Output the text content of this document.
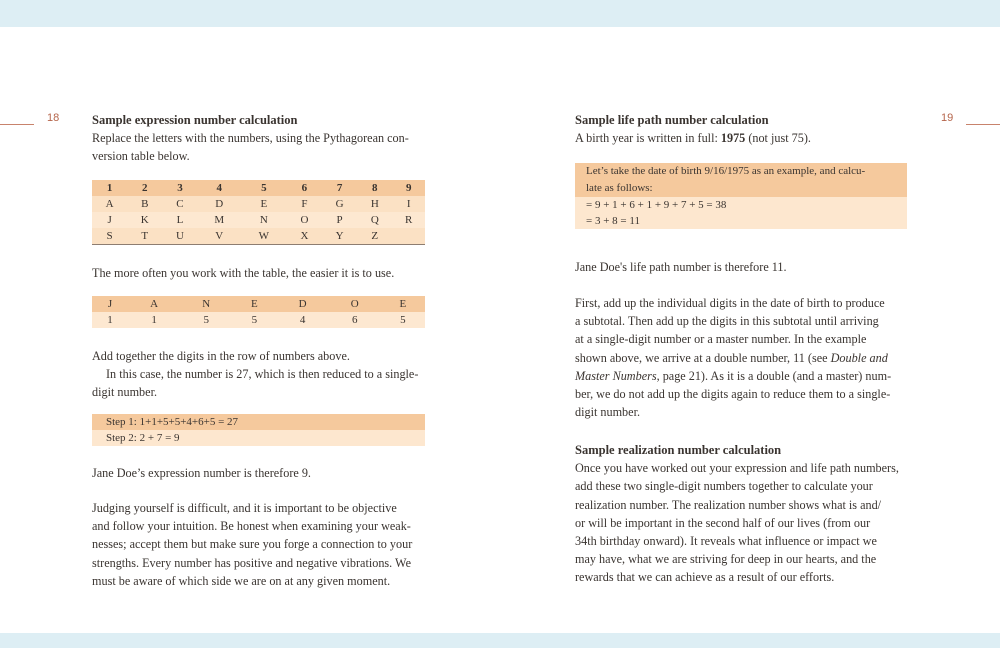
18	19

Sample expression number calculation

Replace the letters with the numbers, using the Pythagorean con-

version table below.

1	2	3	4	5	6	7	8	9
A	B	C	D	E	F	G	H	I
J	K	L	M	N	O	P	Q	R
S	T	U	V	W	X	Y	Z	

The more often you work with the table, the easier it is to use.

J	A	N	E	D	O	E		
1	1	5	5	4	6	5		

Add together the digits in the row of numbers above.

In this case, the number is 27, which is then reduced to a single-

digit number.

Step 1: 1+1+5+5+4+6+5 = 27
Step 2: 2 + 7 = 9

Jane Doe’s expression number is therefore 9.

Judging yourself is difficult, and it is important to be objective

and follow your intuition. Be honest when examining your weak-

nesses; accept them but make sure you forge a connection to your

strengths. Every number has positive and negative vibrations. We

must be aware of which side we are on at any given moment.

Sample life path number calculation

A birth year is written in full: 1975 (not just 75).

Let’s take the date of birth 9/16/1975 as an example, and calcu-
late as follows:
= 9 + 1 + 6 + 1 + 9 + 7 + 5 = 38
= 3 + 8 = 11

Jane Doe's life path number is therefore 11.

First, add up the individual digits in the date of birth to produce

a subtotal. Then add up the digits in this subtotal until arriving

at a single-digit number or a master number. In the example

shown above, we arrive at a double number, 11 (see Double and

Master Numbers, page 21). As it is a double (and a master) num-

ber, we do not add up the digits again to reduce them to a single-

digit number.

Sample realization number calculation

Once you have worked out your expression and life path numbers,

add these two single-digit numbers together to calculate your

realization number. The realization number shows what is and/

or will be important in the second half of our lives (from our

34th birthday onward). It reveals what influence or impact we

may have, what we are striving for deep in our hearts, and the

rewards that we can achieve as a result of our efforts.
